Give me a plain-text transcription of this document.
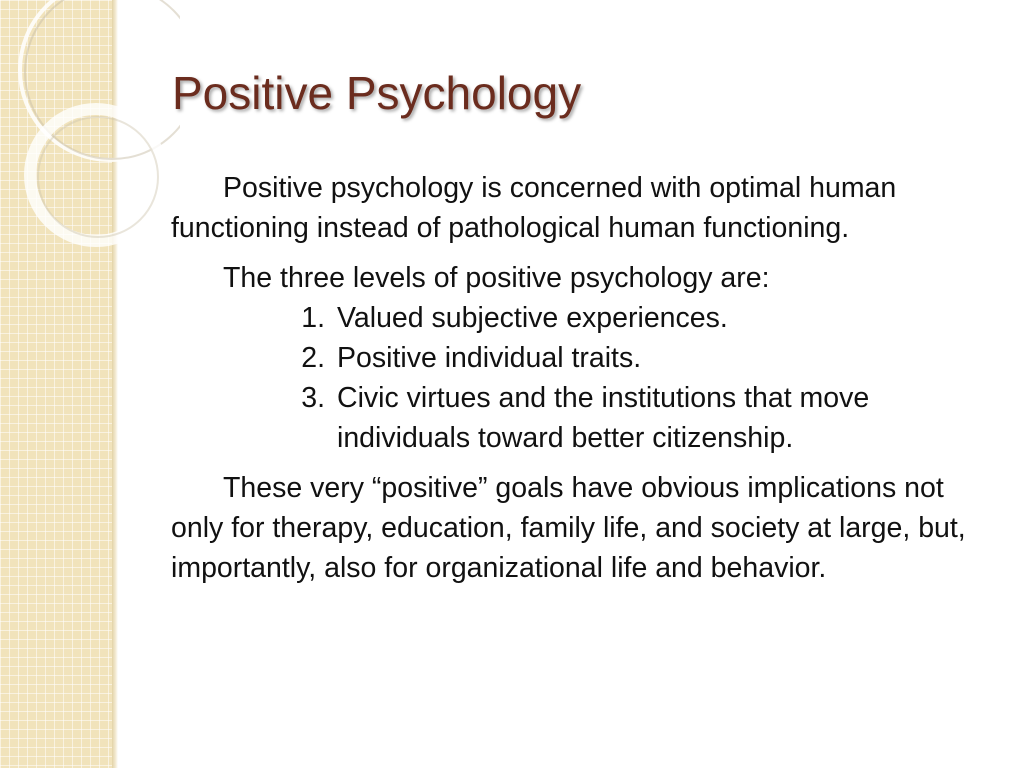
Positive Psychology

Positive psychology is concerned with optimal human functioning instead of pathological human functioning.

The three levels of positive psychology are:

1. Valued subjective experiences.
2. Positive individual traits.
3. Civic virtues and the institutions that move individuals toward better citizenship.

These very “positive” goals have obvious implications not only for therapy, education, family life, and society at large, but, importantly, also for organizational life and behavior.
